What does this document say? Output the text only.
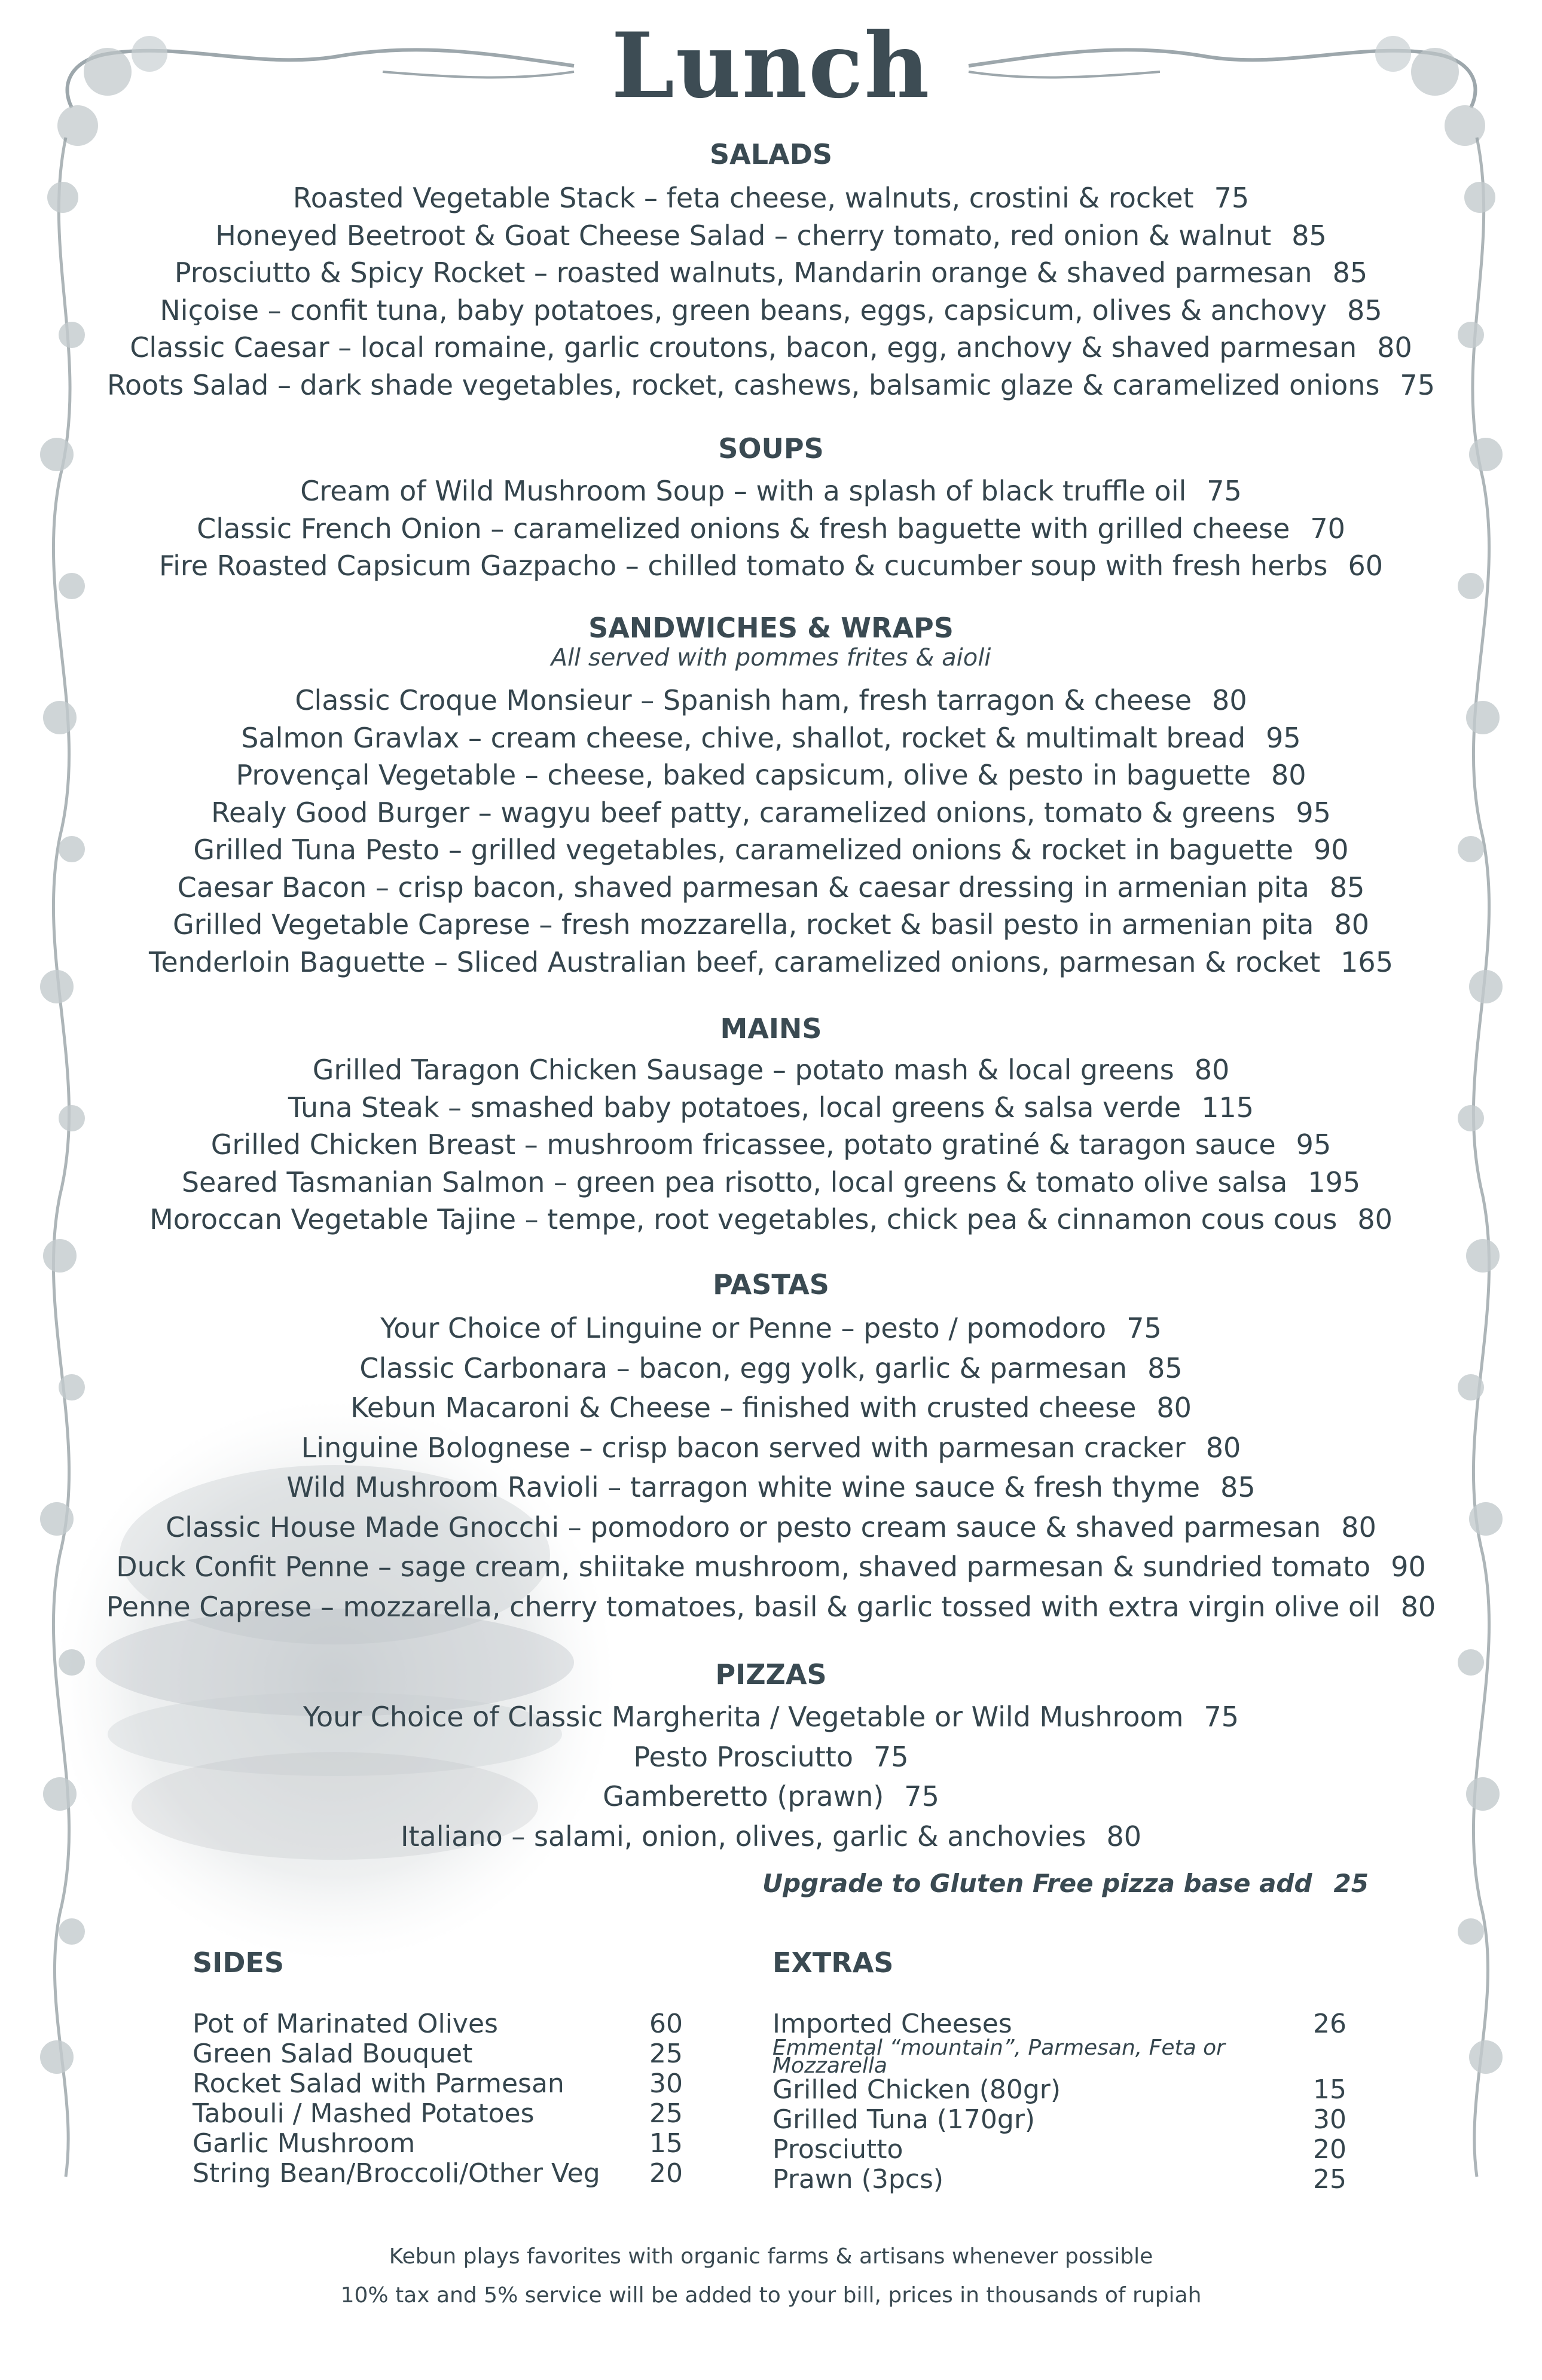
Lunch
SALADS
Roasted Vegetable Stack – feta cheese, walnuts, crostini & rocket 75
Honeyed Beetroot & Goat Cheese Salad – cherry tomato, red onion & walnut 85
Prosciutto & Spicy Rocket – roasted walnuts, Mandarin orange & shaved parmesan 85
Niçoise – confit tuna, baby potatoes, green beans, eggs, capsicum, olives & anchovy 85
Classic Caesar – local romaine, garlic croutons, bacon, egg, anchovy & shaved parmesan 80
Roots Salad – dark shade vegetables, rocket, cashews, balsamic glaze & caramelized onions 75
SOUPS
Cream of Wild Mushroom Soup – with a splash of black truffle oil 75
Classic French Onion – caramelized onions & fresh baguette with grilled cheese 70
Fire Roasted Capsicum Gazpacho – chilled tomato & cucumber soup with fresh herbs 60
SANDWICHES & WRAPS
All served with pommes frites & aioli
Classic Croque Monsieur – Spanish ham, fresh tarragon & cheese 80
Salmon Gravlax – cream cheese, chive, shallot, rocket & multimalt bread 95
Provençal Vegetable – cheese, baked capsicum, olive & pesto in baguette 80
Realy Good Burger – wagyu beef patty, caramelized onions, tomato & greens 95
Grilled Tuna Pesto – grilled vegetables, caramelized onions & rocket in baguette 90
Caesar Bacon – crisp bacon, shaved parmesan & caesar dressing in armenian pita 85
Grilled Vegetable Caprese – fresh mozzarella, rocket & basil pesto in armenian pita 80
Tenderloin Baguette – Sliced Australian beef, caramelized onions, parmesan & rocket 165
MAINS
Grilled Taragon Chicken Sausage – potato mash & local greens 80
Tuna Steak – smashed baby potatoes, local greens & salsa verde 115
Grilled Chicken Breast – mushroom fricassee, potato gratiné & taragon sauce 95
Seared Tasmanian Salmon – green pea risotto, local greens & tomato olive salsa 195
Moroccan Vegetable Tajine – tempe, root vegetables, chick pea & cinnamon cous cous 80
PASTAS
Your Choice of Linguine or Penne – pesto / pomodoro 75
Classic Carbonara – bacon, egg yolk, garlic & parmesan 85
Kebun Macaroni & Cheese – finished with crusted cheese 80
Linguine Bolognese – crisp bacon served with parmesan cracker 80
Wild Mushroom Ravioli – tarragon white wine sauce & fresh thyme 85
Classic House Made Gnocchi – pomodoro or pesto cream sauce & shaved parmesan 80
Duck Confit Penne – sage cream, shiitake mushroom, shaved parmesan & sundried tomato 90
Penne Caprese – mozzarella, cherry tomatoes, basil & garlic tossed with extra virgin olive oil 80
PIZZAS
Your Choice of Classic Margherita / Vegetable or Wild Mushroom 75
Pesto Prosciutto 75
Gamberetto (prawn) 75
Italiano – salami, onion, olives, garlic & anchovies 80
Upgrade to Gluten Free pizza base add 25
SIDES
Pot of Marinated Olives	60
Green Salad Bouquet	25
Rocket Salad with Parmesan	30
Tabouli / Mashed Potatoes	25
Garlic Mushroom	15
String Bean/Broccoli/Other Veg 20
EXTRAS
Imported Cheeses	26
Emmental “mountain”, Parmesan, Feta or Mozzarella
Grilled Chicken (80gr)	15
Grilled Tuna (170gr)	30
Prosciutto	20
Prawn (3pcs)	25
Kebun plays favorites with organic farms & artisans whenever possible
10% tax and 5% service will be added to your bill, prices in thousands of rupiah
